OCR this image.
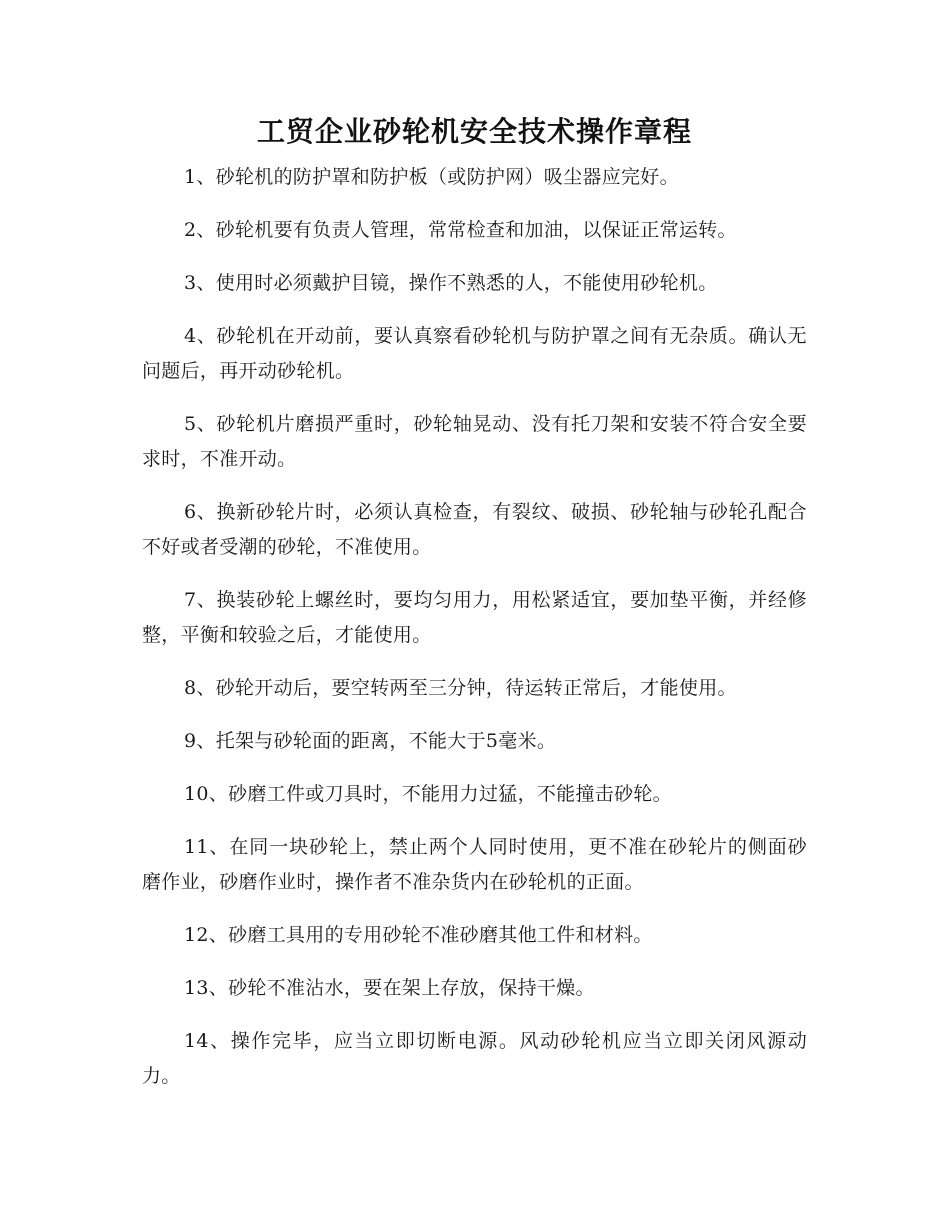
工贸企业砂轮机安全技术操作章程

1、砂轮机的防护罩和防护板（或防护网）吸尘器应完好。

2、砂轮机要有负责人管理，常常检查和加油，以保证正常运转。

3、使用时必须戴护目镜，操作不熟悉的人，不能使用砂轮机。

4、砂轮机在开动前，要认真察看砂轮机与防护罩之间有无杂质。确认无问题后，再开动砂轮机。

5、砂轮机片磨损严重时，砂轮轴晃动、没有托刀架和安装不符合安全要求时，不准开动。

6、换新砂轮片时，必须认真检查，有裂纹、破损、砂轮轴与砂轮孔配合不好或者受潮的砂轮，不准使用。

7、换装砂轮上螺丝时，要均匀用力，用松紧适宜，要加垫平衡，并经修整，平衡和较验之后，才能使用。

8、砂轮开动后，要空转两至三分钟，待运转正常后，才能使用。

9、托架与砂轮面的距离，不能大于5毫米。

10、砂磨工件或刀具时，不能用力过猛，不能撞击砂轮。

11、在同一块砂轮上，禁止两个人同时使用，更不准在砂轮片的侧面砂磨作业，砂磨作业时，操作者不准杂货内在砂轮机的正面。

12、砂磨工具用的专用砂轮不准砂磨其他工件和材料。

13、砂轮不准沾水，要在架上存放，保持干燥。

14、操作完毕，应当立即切断电源。风动砂轮机应当立即关闭风源动力。
